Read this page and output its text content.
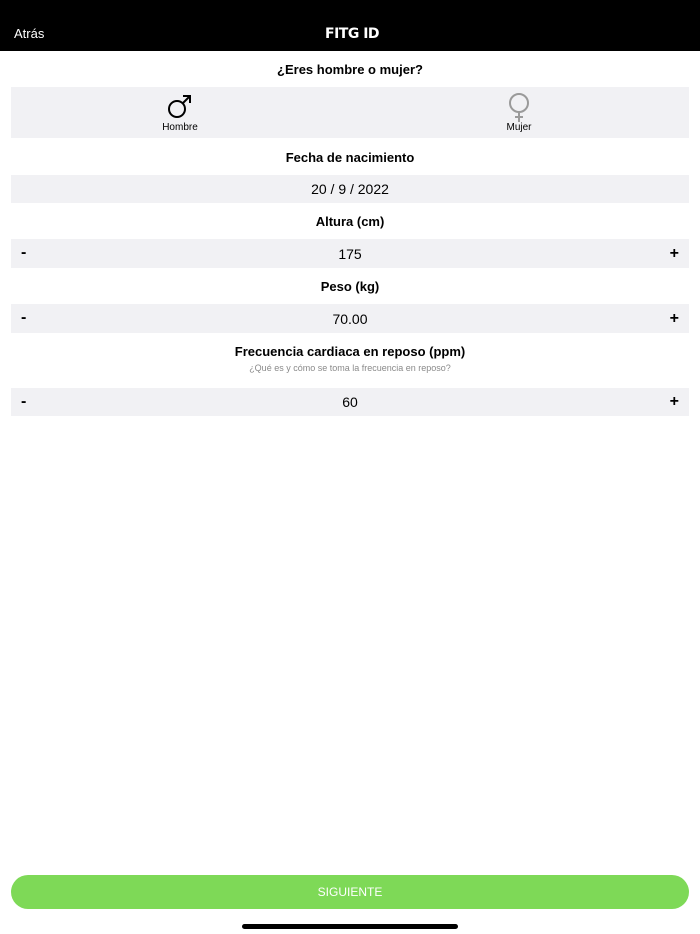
Atrás	FITG ID
¿Eres hombre o mujer?
Hombre	Mujer
Fecha de nacimiento
20 / 9 / 2022
Altura (cm)
-	175	+
Peso (kg)
-	70.00	+
Frecuencia cardiaca en reposo (ppm)
¿Qué es y cómo se toma la frecuencia en reposo?
-	60	+
SIGUIENTE
